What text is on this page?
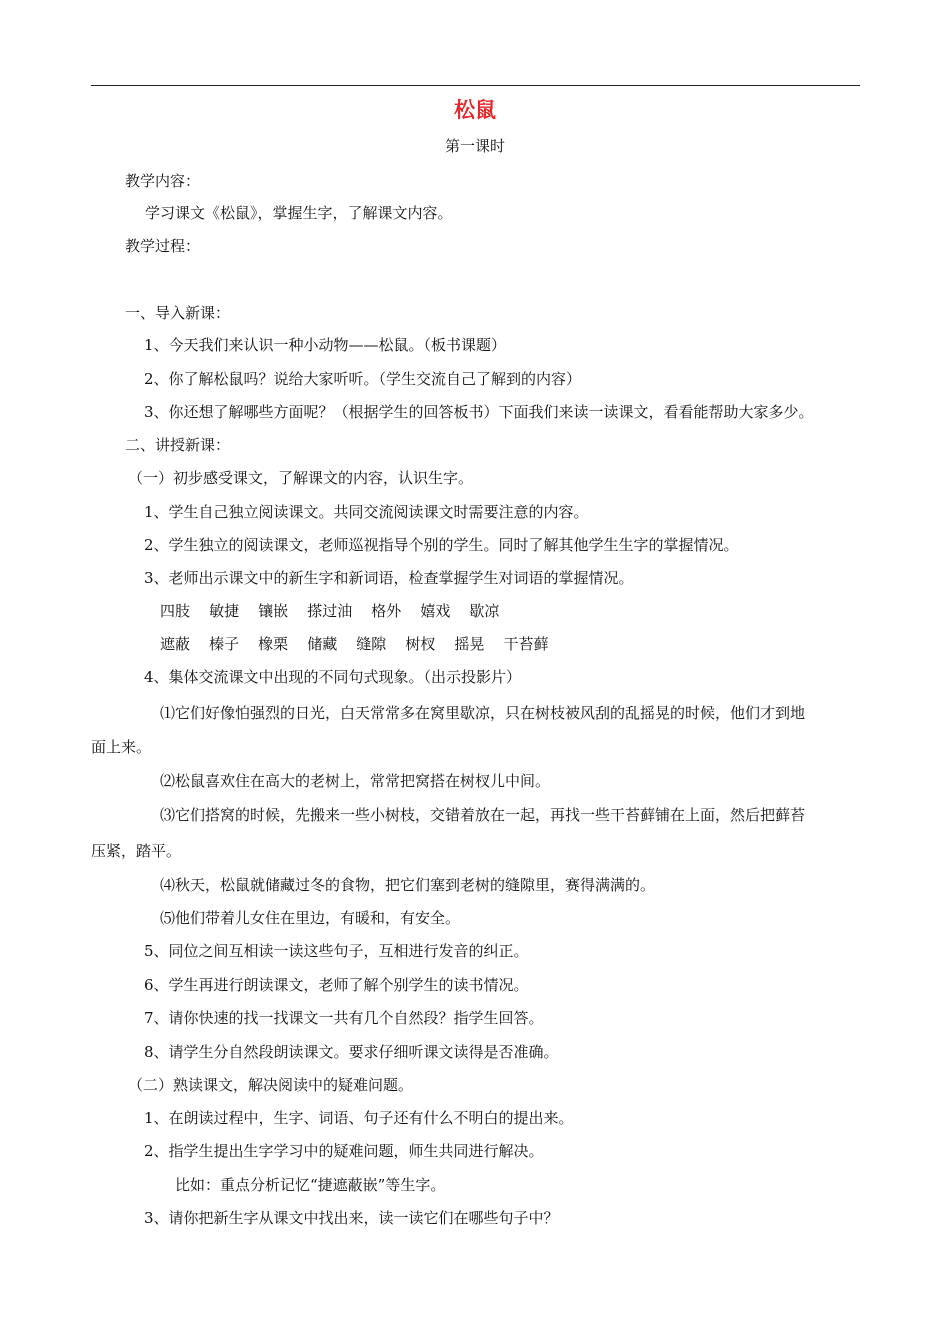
松鼠
第一课时
教学内容：
学习课文《松鼠》，掌握生字，了解课文内容。
教学过程：
一、导入新课：
1、今天我们来认识一种小动物——松鼠。（板书课题）
2、你了解松鼠吗？说给大家听听。（学生交流自己了解到的内容）
3、你还想了解哪些方面呢？（根据学生的回答板书）下面我们来读一读课文，看看能帮助大家多少。
二、讲授新课：
（一）初步感受课文，了解课文的内容，认识生字。
1、学生自己独立阅读课文。共同交流阅读课文时需要注意的内容。
2、学生独立的阅读课文，老师巡视指导个别的学生。同时了解其他学生生字的掌握情况。
3、老师出示课文中的新生字和新词语，检查掌握学生对词语的掌握情况。
四肢    敏捷    镶嵌    搽过油    格外    嬉戏    歇凉
遮蔽    榛子    橡栗    储藏    缝隙    树杈    摇晃    干苔藓
4、集体交流课文中出现的不同句式现象。（出示投影片）
⑴它们好像怕强烈的日光，白天常常多在窝里歇凉，只在树枝被风刮的乱摇晃的时候，他们才到地
面上来。
⑵松鼠喜欢住在高大的老树上，常常把窝搭在树杈儿中间。
⑶它们搭窝的时候，先搬来一些小树枝，交错着放在一起，再找一些干苔藓铺在上面，然后把藓苔
压紧，踏平。
⑷秋天，松鼠就储藏过冬的食物，把它们塞到老树的缝隙里，赛得满满的。
⑸他们带着儿女住在里边，有暖和，有安全。
5、同位之间互相读一读这些句子，互相进行发音的纠正。
6、学生再进行朗读课文，老师了解个别学生的读书情况。
7、请你快速的找一找课文一共有几个自然段？指学生回答。
8、请学生分自然段朗读课文。要求仔细听课文读得是否准确。
（二）熟读课文，解决阅读中的疑难问题。
1、在朗读过程中，生字、词语、句子还有什么不明白的提出来。
2、指学生提出生字学习中的疑难问题，师生共同进行解决。
比如：重点分析记忆“捷遮蔽嵌”等生字。
3、请你把新生字从课文中找出来，读一读它们在哪些句子中？
